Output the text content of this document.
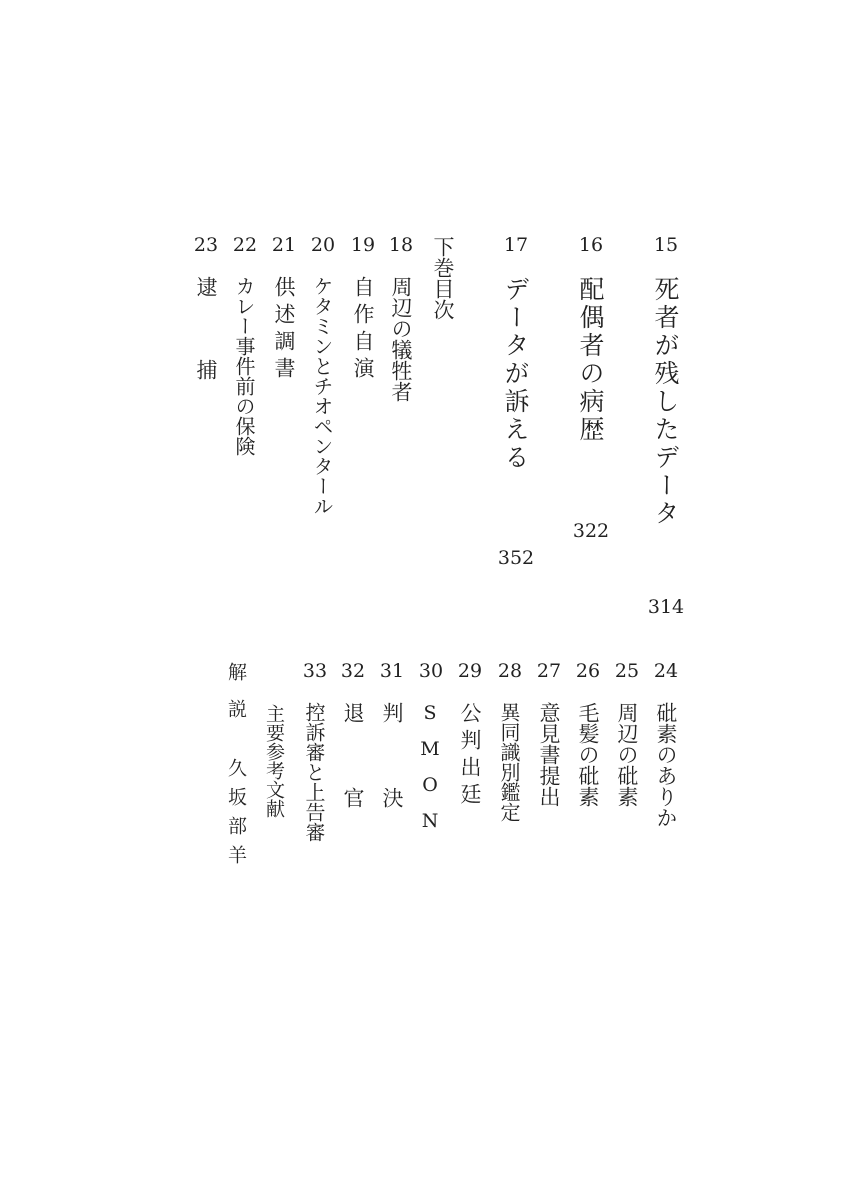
15
死者が残したデータ
314
16
配偶者の病歴
322
17
データが訴える
352
下巻目次
18
周辺の犠牲者
19
自作自演
20
ケタミンとチオペンタール
21
供述調書
22
カレー事件前の保険
23
逮捕
24
砒素のありか
25
周辺の砒素
26
毛髪の砒素
27
意見書提出
28
異同識別鑑定
29
公判出廷
30
SMON
31
判決
32
退官
33
控訴審と上告審
主要参考文献
解説
久坂部羊
